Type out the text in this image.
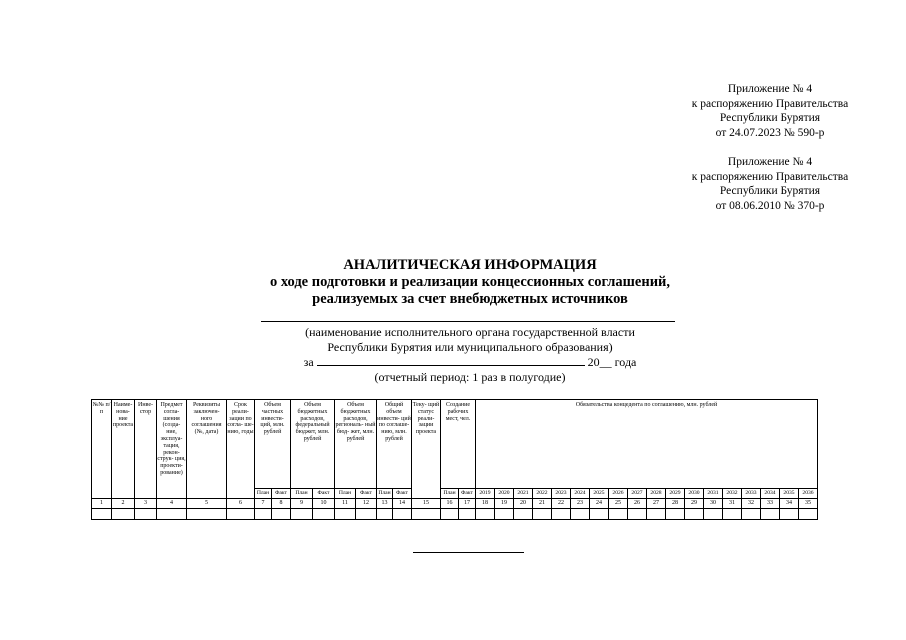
Приложение № 4
к распоряжению Правительства
Республики Бурятия
от 24.07.2023 № 590-р
Приложение № 4
к распоряжению Правительства
Республики Бурятия
от 08.06.2010 № 370-р
АНАЛИТИЧЕСКАЯ ИНФОРМАЦИЯ
о ходе подготовки и реализации концессионных соглашений,
реализуемых за счет внебюджетных источников
(наименование исполнительного органа государственной власти
Республики Бурятия или муниципального образования)
за	20__ года
(отчетный период: 1 раз в полугодие)
№№ п/п	Наиме- нова- ние проекта	Инве- стор	Предмет согла- шения (созда- ние, эксплуа- тация, рекон- струк- ция, проекти- рование)	Реквизиты заключен- ного соглашения (№, дата)	Срок реали- зации по согла- ше- нию, годы	Объем частных инвести- ций, млн. рублей		Объем бюджетных расходов, федеральный бюджет, млн. рублей		Объем бюджетных расходов, региональ- ный бюд- жет, млн. рублей		Общий объем инвести- ций по соглаше- нию, млн. рублей		Теку- щий статус реали- зации проекта	Создание рабочих мест, чел.		Обязательства концедента по соглашению, млн. рублей																	
						План	Факт	План	Факт	План	Факт	План	Факт		План	Факт	2019	2020	2021	2022	2023	2024	2025	2026	2027	2028	2029	2030	2031	2032	2033	2034	2035	2036
1	2	3	4	5	6	7	8	9	10	11	12	13	14	15	16	17	18	19	20	21	22	23	24	25	26	27	28	29	30	31	32	33	34	35
